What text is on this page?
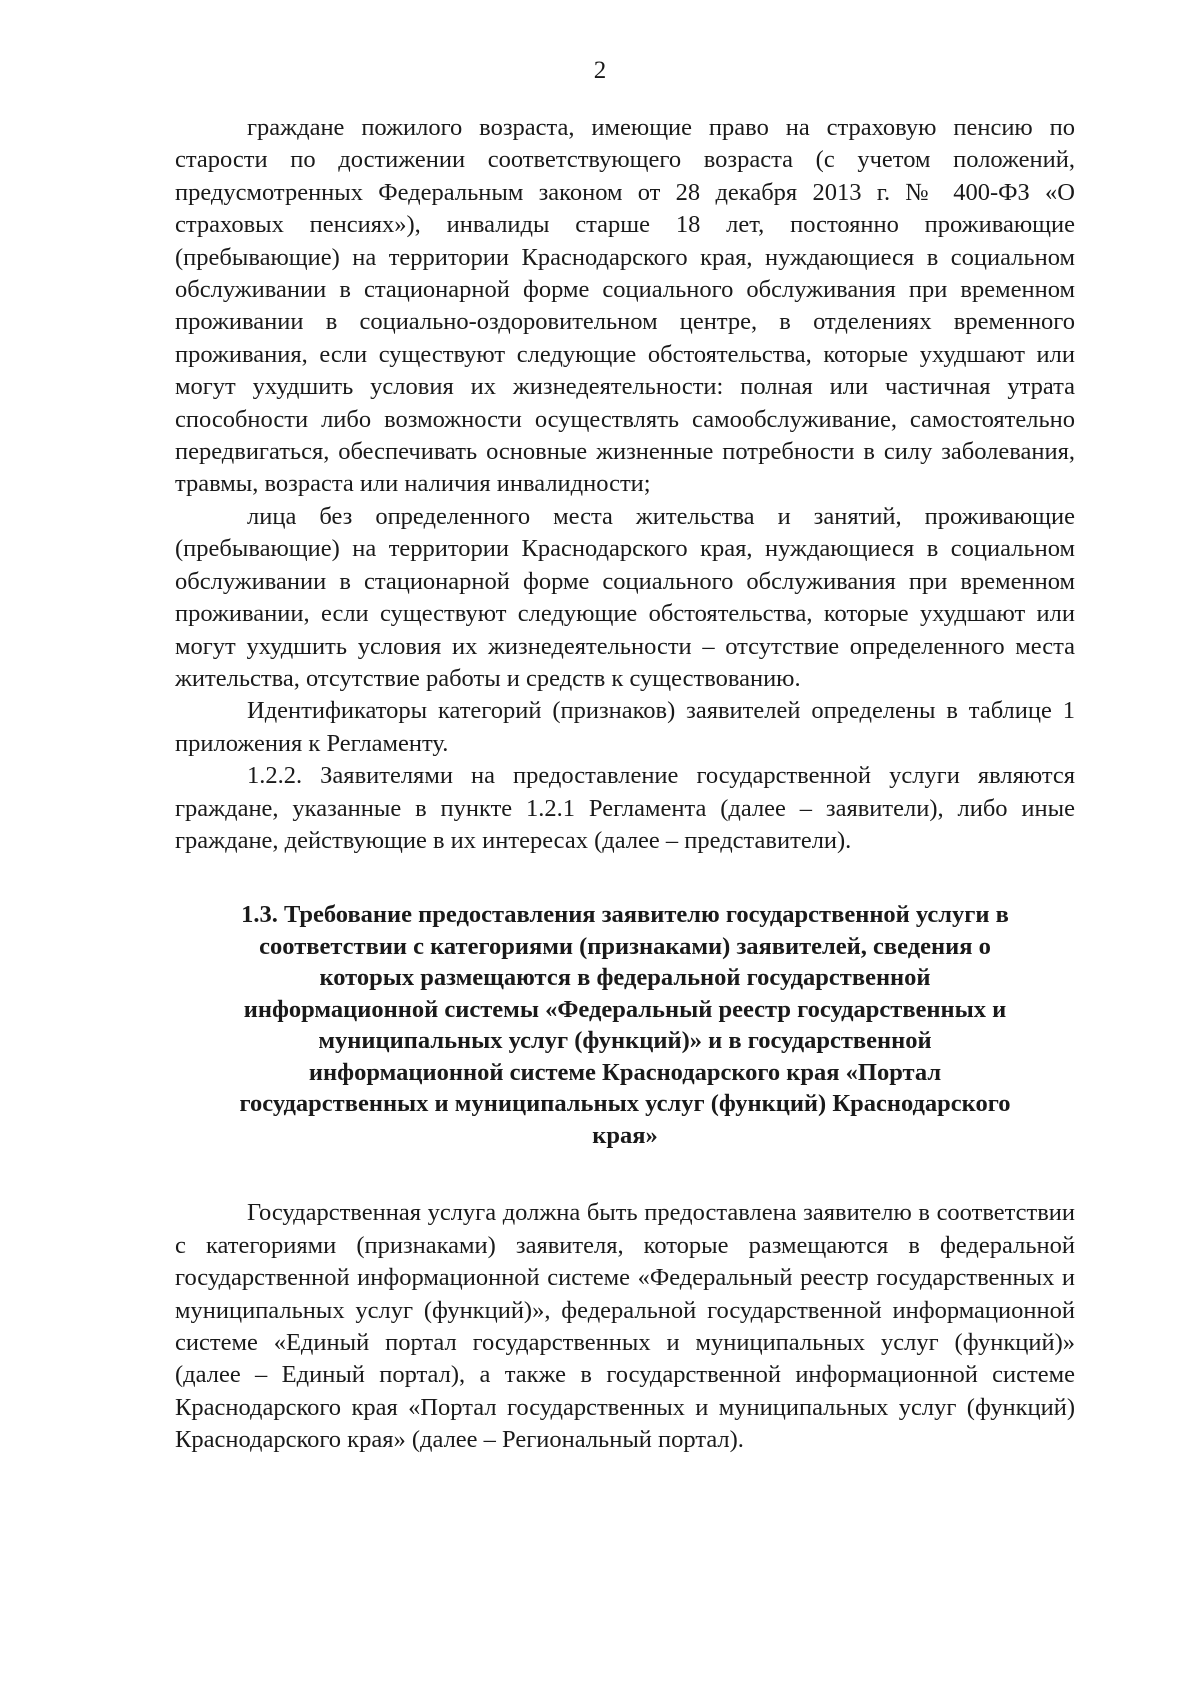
2

граждане пожилого возраста, имеющие право на страховую пенсию по старости по достижении соответствующего возраста (с учетом положений, предусмотренных Федеральным законом от 28 декабря 2013 г. № 400-ФЗ «О страховых пенсиях»), инвалиды старше 18 лет, постоянно проживающие (пребывающие) на территории Краснодарского края, нуждающиеся в социальном обслуживании в стационарной форме социального обслуживания при временном проживании в социально-оздоровительном центре, в отделениях временного проживания, если существуют следующие обстоятельства, которые ухудшают или могут ухудшить условия их жизнедеятельности: полная или частичная утрата способности либо возможности осуществлять самообслуживание, самостоятельно передвигаться, обеспечивать основные жизненные потребности в силу заболевания, травмы, возраста или наличия инвалидности;

лица без определенного места жительства и занятий, проживающие (пребывающие) на территории Краснодарского края, нуждающиеся в социальном обслуживании в стационарной форме социального обслуживания при временном проживании, если существуют следующие обстоятельства, которые ухудшают или могут ухудшить условия их жизнедеятельности – отсутствие определенного места жительства, отсутствие работы и средств к существованию.

Идентификаторы категорий (признаков) заявителей определены в таблице 1 приложения к Регламенту.

1.2.2. Заявителями на предоставление государственной услуги являются граждане, указанные в пункте 1.2.1 Регламента (далее – заявители), либо иные граждане, действующие в их интересах (далее – представители).

1.3. Требование предоставления заявителю государственной услуги в соответствии с категориями (признаками) заявителей, сведения о которых размещаются в федеральной государственной информационной системы «Федеральный реестр государственных и муниципальных услуг (функций)» и в государственной информационной системе Краснодарского края «Портал государственных и муниципальных услуг (функций) Краснодарского края»

Государственная услуга должна быть предоставлена заявителю в соответствии с категориями (признаками) заявителя, которые размещаются в федеральной государственной информационной системе «Федеральный реестр государственных и муниципальных услуг (функций)», федеральной государственной информационной системе «Единый портал государственных и муниципальных услуг (функций)» (далее – Единый портал), а также в государственной информационной системе Краснодарского края «Портал государственных и муниципальных услуг (функций) Краснодарского края» (далее – Региональный портал).
